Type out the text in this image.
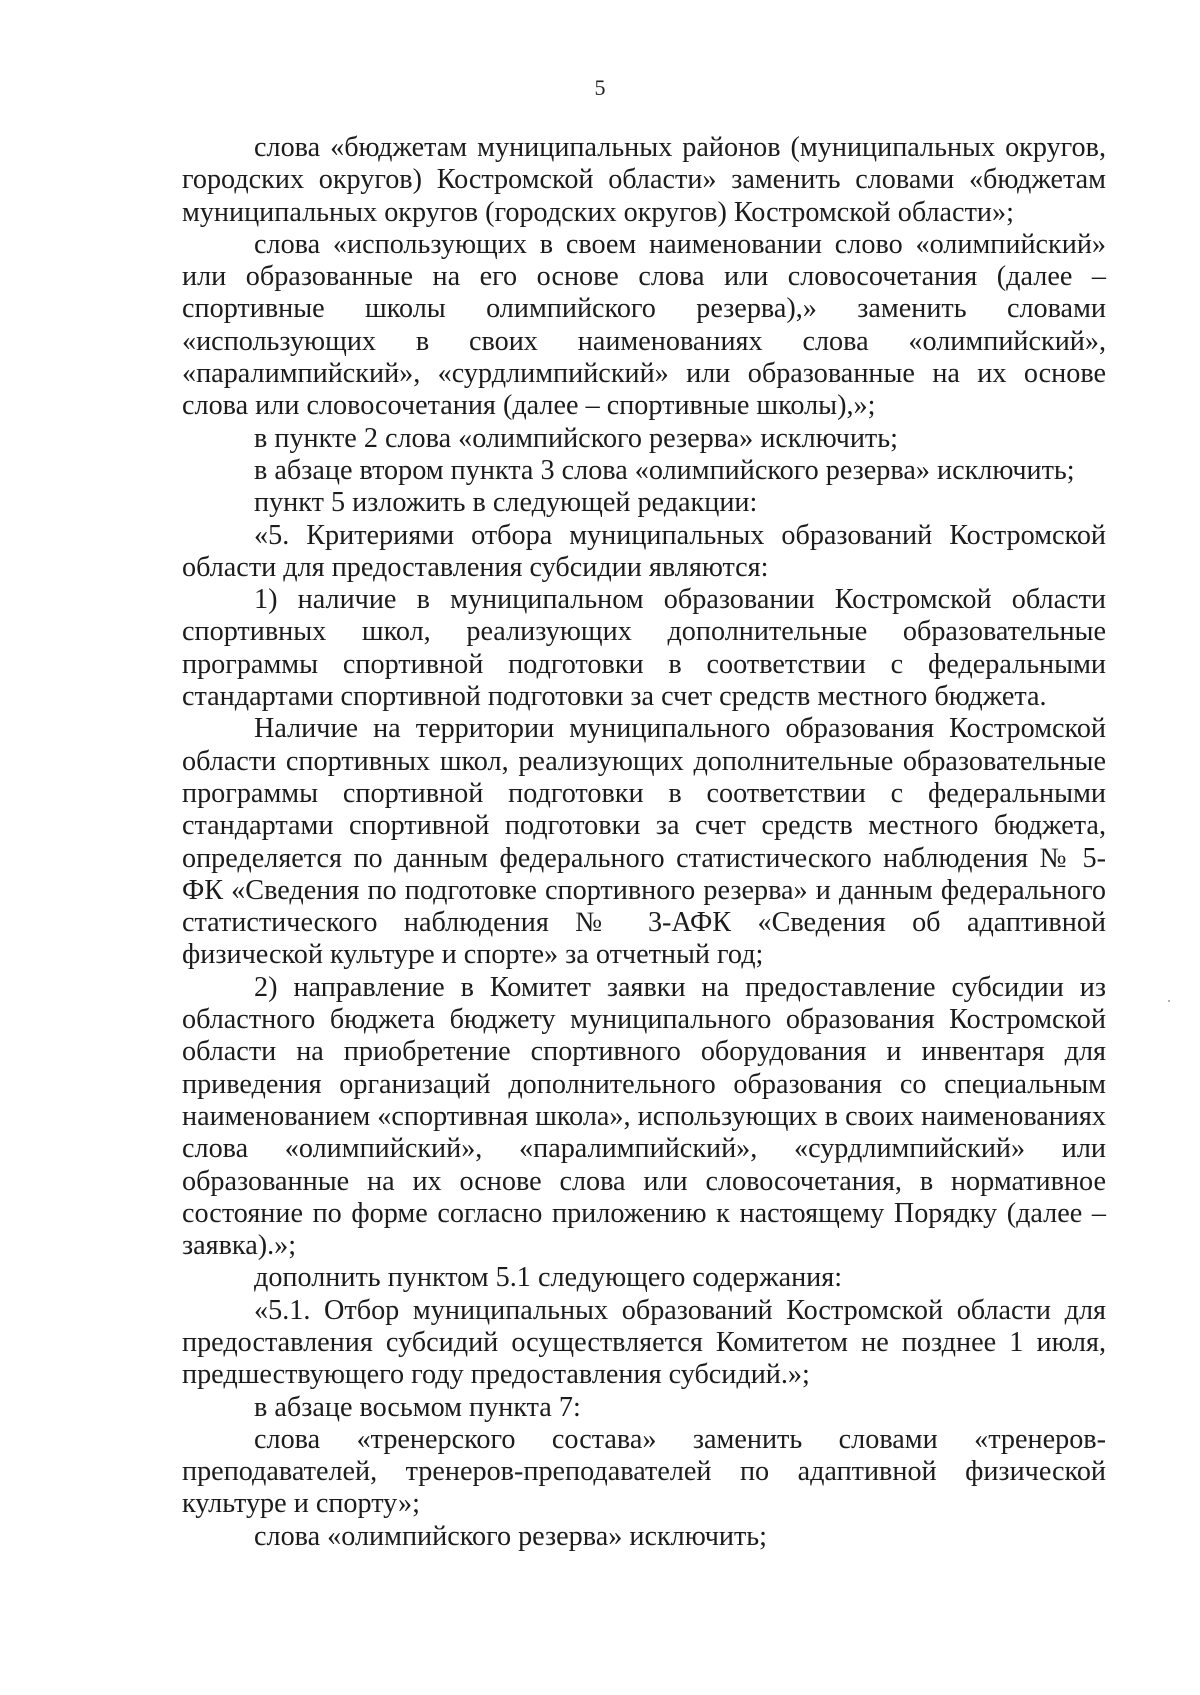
5

слова «бюджетам муниципальных районов (муниципальных округов, городских округов) Костромской области» заменить словами «бюджетам муниципальных округов (городских округов) Костромской области»;

слова «использующих в своем наименовании слово «олимпийский» или образованные на его основе слова или словосочетания (далее – спортивные школы олимпийского резерва),» заменить словами «использующих в своих наименованиях слова «олимпийский», «паралимпийский», «сурдлимпийский» или образованные на их основе слова или словосочетания (далее – спортивные школы),»;

в пункте 2 слова «олимпийского резерва» исключить;

в абзаце втором пункта 3 слова «олимпийского резерва» исключить;

пункт 5 изложить в следующей редакции:

«5. Критериями отбора муниципальных образований Костромской области для предоставления субсидии являются:

1) наличие в муниципальном образовании Костромской области спортивных школ, реализующих дополнительные образовательные программы спортивной подготовки в соответствии с федеральными стандартами спортивной подготовки за счет средств местного бюджета.

Наличие на территории муниципального образования Костромской области спортивных школ, реализующих дополнительные образовательные программы спортивной подготовки в соответствии с федеральными стандартами спортивной подготовки за счет средств местного бюджета, определяется по данным федерального статистического наблюдения № 5-ФК «Сведения по подготовке спортивного резерва» и данным федерального статистического наблюдения № 3-АФК «Сведения об адаптивной физической культуре и спорте» за отчетный год;

2) направление в Комитет заявки на предоставление субсидии из областного бюджета бюджету муниципального образования Костромской области на приобретение спортивного оборудования и инвентаря для приведения организаций дополнительного образования со специальным наименованием «спортивная школа», использующих в своих наименованиях слова «олимпийский», «паралимпийский», «сурдлимпийский» или образованные на их основе слова или словосочетания, в нормативное состояние по форме согласно приложению к настоящему Порядку (далее – заявка).»;

дополнить пунктом 5.1 следующего содержания:

«5.1. Отбор муниципальных образований Костромской области для предоставления субсидий осуществляется Комитетом не позднее 1 июля, предшествующего году предоставления субсидий.»;

в абзаце восьмом пункта 7:

слова «тренерского состава» заменить словами «тренеров-преподавателей, тренеров-преподавателей по адаптивной физической культуре и спорту»;

слова «олимпийского резерва» исключить;
